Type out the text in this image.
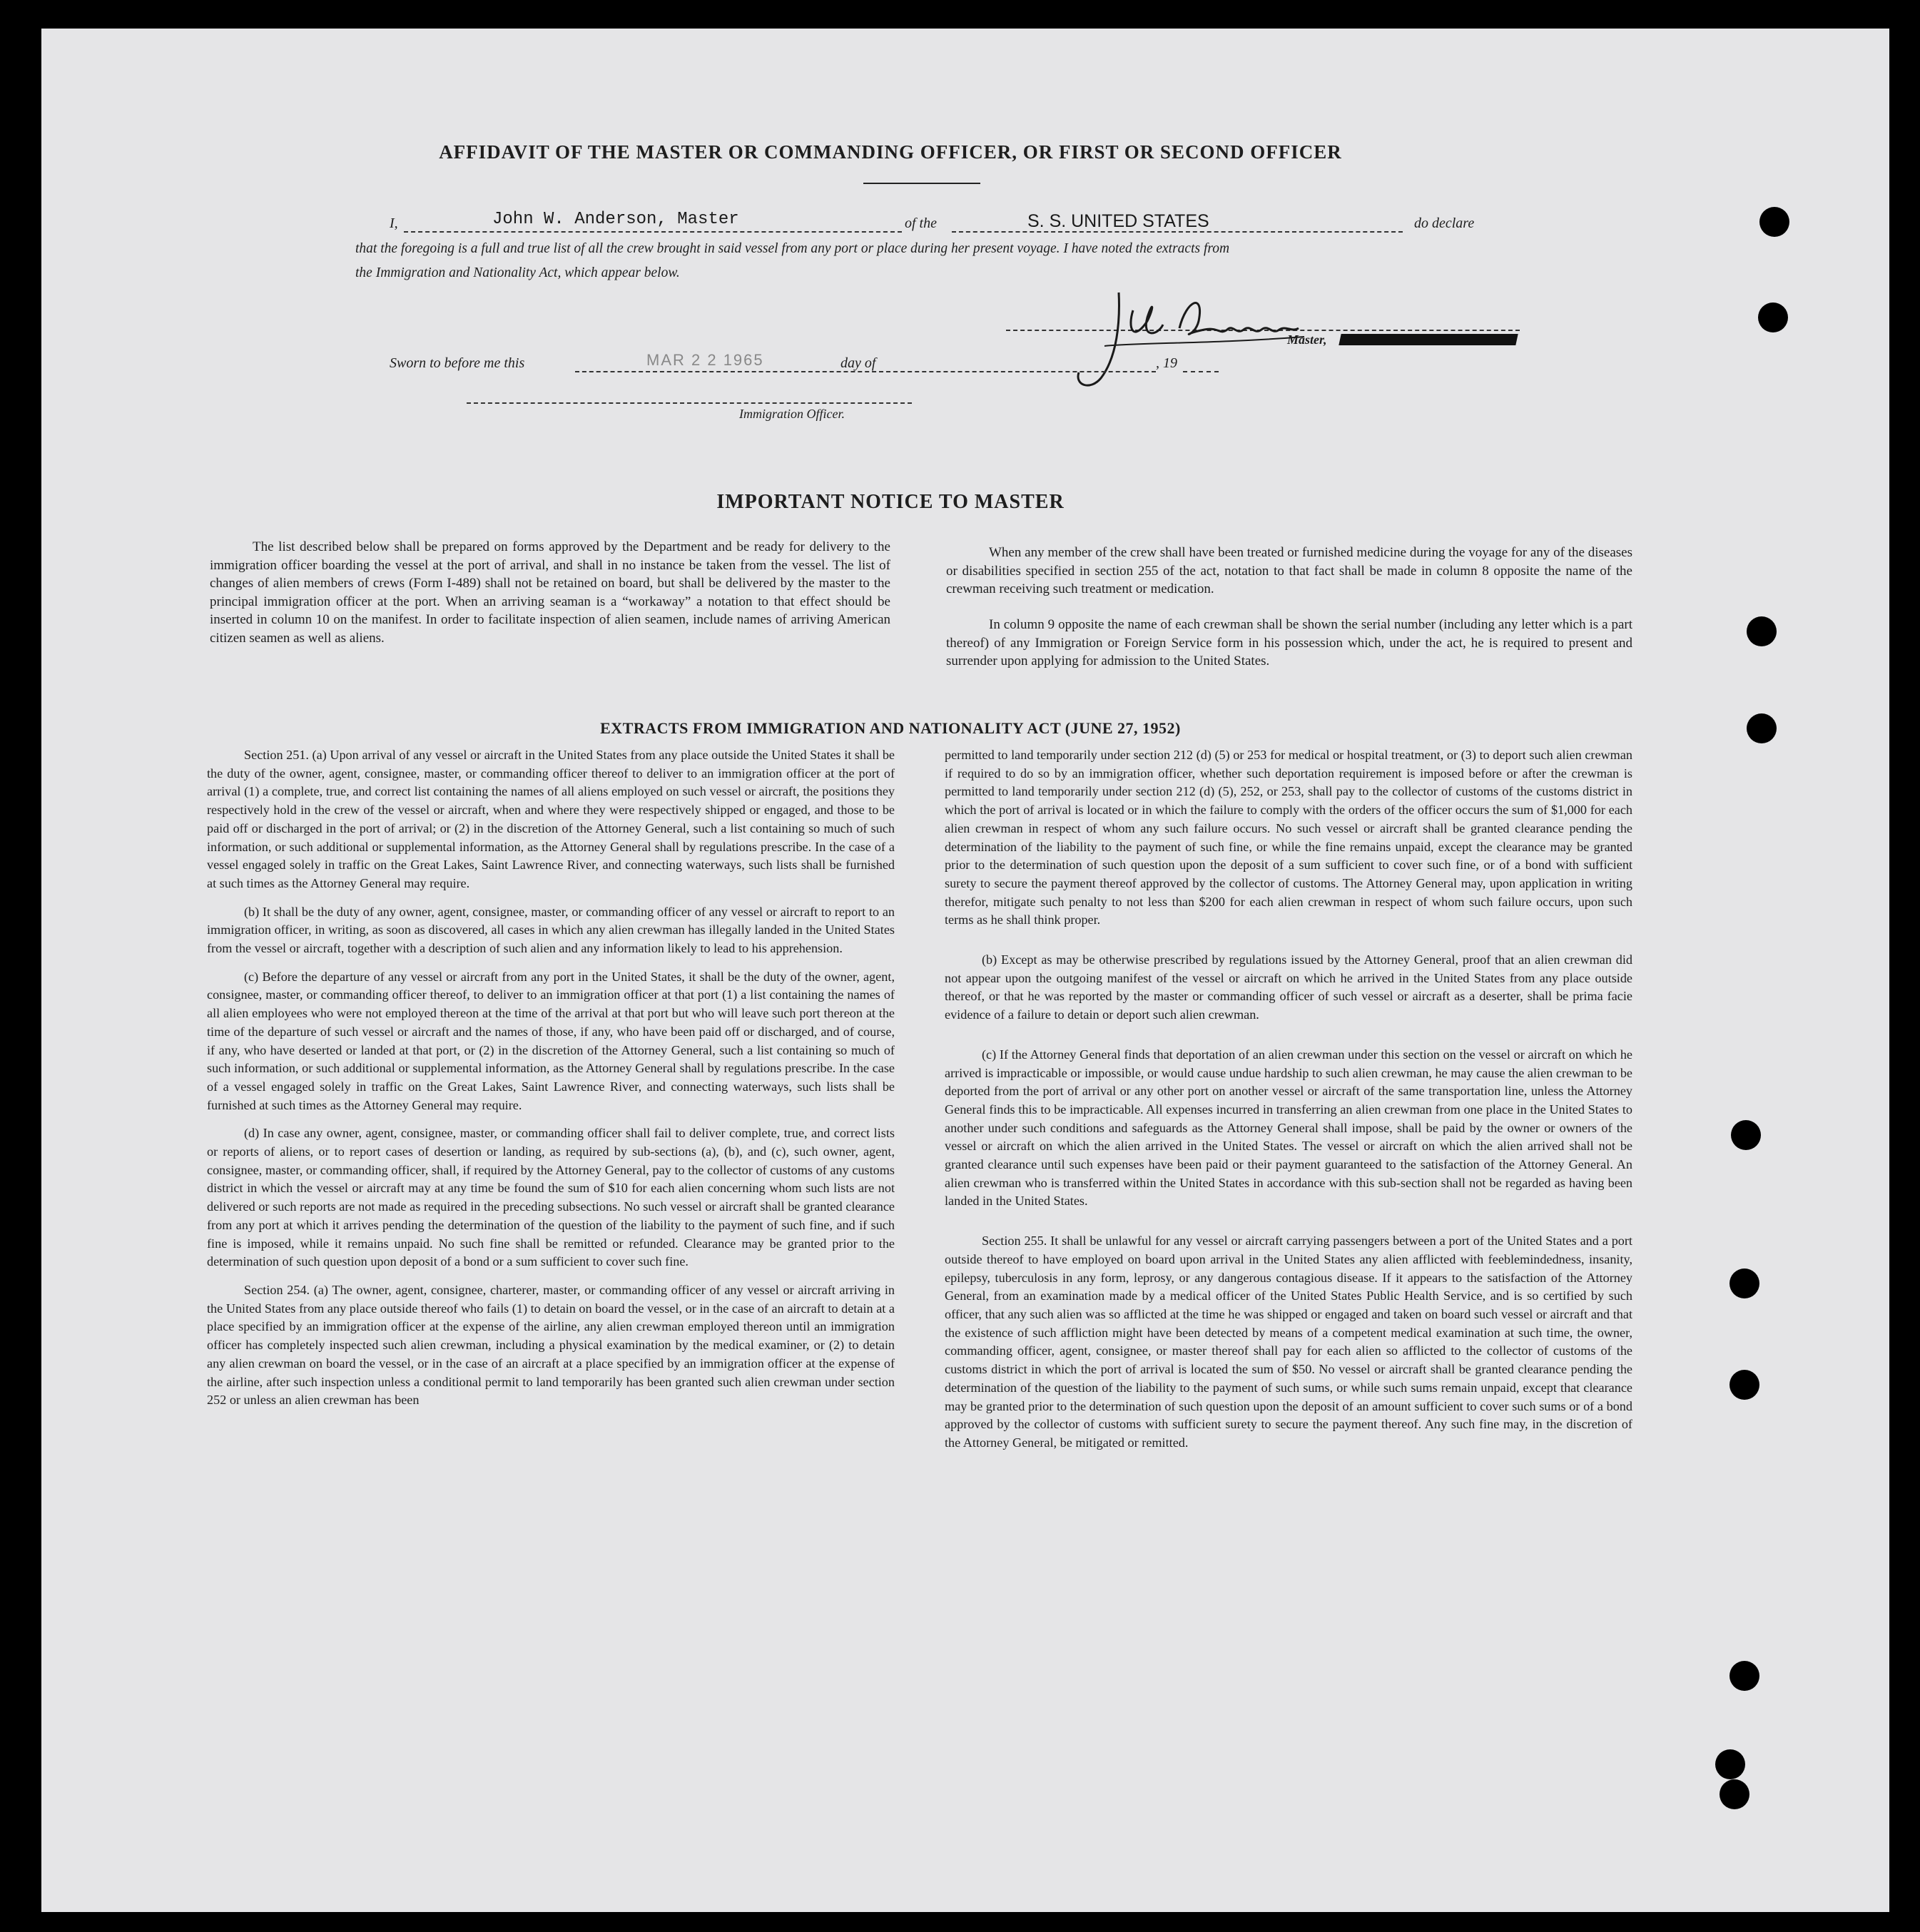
AFFIDAVIT OF THE MASTER OR COMMANDING OFFICER, OR FIRST OR SECOND OFFICER
I,	John W. Anderson, Master	of the	S. S. UNITED STATES	do declare
that the foregoing is a full and true list of all the crew brought in said vessel from any port or place during her present voyage. I have noted the extracts from
the Immigration and Nationality Act, which appear below.
Master,
Sworn to before me this	MAR 2 2 1965	day of	, 19
Immigration Officer.
IMPORTANT NOTICE TO MASTER

The list described below shall be prepared on forms approved by the Department and be ready for delivery to the immigration officer boarding the vessel at the port of arrival, and shall in no instance be taken from the vessel. The list of changes of alien members of crews (Form I-489) shall not be retained on board, but shall be delivered by the master to the principal immigration officer at the port. When an arriving seaman is a “workaway” a notation to that effect should be inserted in column 10 on the manifest. In order to facilitate inspection of alien seamen, include names of arriving American citizen seamen as well as aliens.

When any member of the crew shall have been treated or furnished medicine during the voyage for any of the diseases or disabilities specified in section 255 of the act, notation to that fact shall be made in column 8 opposite the name of the crewman receiving such treatment or medication.

In column 9 opposite the name of each crewman shall be shown the serial number (including any letter which is a part thereof) of any Immigration or Foreign Service form in his possession which, under the act, he is required to present and surrender upon applying for admission to the United States.

EXTRACTS FROM IMMIGRATION AND NATIONALITY ACT (JUNE 27, 1952)

Section 251. (a) Upon arrival of any vessel or aircraft in the United States from any place outside the United States it shall be the duty of the owner, agent, consignee, master, or commanding officer thereof to deliver to an immigration officer at the port of arrival (1) a complete, true, and correct list containing the names of all aliens employed on such vessel or aircraft, the positions they respectively hold in the crew of the vessel or aircraft, when and where they were respectively shipped or engaged, and those to be paid off or discharged in the port of arrival; or (2) in the discretion of the Attorney General, such a list containing so much of such information, or such additional or supplemental information, as the Attorney General shall by regulations prescribe. In the case of a vessel engaged solely in traffic on the Great Lakes, Saint Lawrence River, and connecting waterways, such lists shall be furnished at such times as the Attorney General may require.

(b) It shall be the duty of any owner, agent, consignee, master, or commanding officer of any vessel or aircraft to report to an immigration officer, in writing, as soon as discovered, all cases in which any alien crewman has illegally landed in the United States from the vessel or aircraft, together with a description of such alien and any information likely to lead to his apprehension.

(c) Before the departure of any vessel or aircraft from any port in the United States, it shall be the duty of the owner, agent, consignee, master, or commanding officer thereof, to deliver to an immigration officer at that port (1) a list containing the names of all alien employees who were not employed thereon at the time of the arrival at that port but who will leave such port thereon at the time of the departure of such vessel or aircraft and the names of those, if any, who have been paid off or discharged, and of course, if any, who have deserted or landed at that port, or (2) in the discretion of the Attorney General, such a list containing so much of such information, or such additional or supplemental information, as the Attorney General shall by regulations prescribe. In the case of a vessel engaged solely in traffic on the Great Lakes, Saint Lawrence River, and connecting waterways, such lists shall be furnished at such times as the Attorney General may require.

(d) In case any owner, agent, consignee, master, or commanding officer shall fail to deliver complete, true, and correct lists or reports of aliens, or to report cases of desertion or landing, as required by sub-sections (a), (b), and (c), such owner, agent, consignee, master, or commanding officer, shall, if required by the Attorney General, pay to the collector of customs of any customs district in which the vessel or aircraft may at any time be found the sum of $10 for each alien concerning whom such lists are not delivered or such reports are not made as required in the preceding subsections. No such vessel or aircraft shall be granted clearance from any port at which it arrives pending the determination of the question of the liability to the payment of such fine, and if such fine is imposed, while it remains unpaid. No such fine shall be remitted or refunded. Clearance may be granted prior to the determination of such question upon deposit of a bond or a sum sufficient to cover such fine.

Section 254. (a) The owner, agent, consignee, charterer, master, or commanding officer of any vessel or aircraft arriving in the United States from any place outside thereof who fails (1) to detain on board the vessel, or in the case of an aircraft to detain at a place specified by an immigration officer at the expense of the airline, any alien crewman employed thereon until an immigration officer has completely inspected such alien crewman, including a physical examination by the medical examiner, or (2) to detain any alien crewman on board the vessel, or in the case of an aircraft at a place specified by an immigration officer at the expense of the airline, after such inspection unless a conditional permit to land temporarily has been granted such alien crewman under section 252 or unless an alien crewman has been

permitted to land temporarily under section 212 (d) (5) or 253 for medical or hospital treatment, or (3) to deport such alien crewman if required to do so by an immigration officer, whether such deportation requirement is imposed before or after the crewman is permitted to land temporarily under section 212 (d) (5), 252, or 253, shall pay to the collector of customs of the customs district in which the port of arrival is located or in which the failure to comply with the orders of the officer occurs the sum of $1,000 for each alien crewman in respect of whom any such failure occurs. No such vessel or aircraft shall be granted clearance pending the determination of the liability to the payment of such fine, or while the fine remains unpaid, except the clearance may be granted prior to the determination of such question upon the deposit of a sum sufficient to cover such fine, or of a bond with sufficient surety to secure the payment thereof approved by the collector of customs. The Attorney General may, upon application in writing therefor, mitigate such penalty to not less than $200 for each alien crewman in respect of whom such failure occurs, upon such terms as he shall think proper.

(b) Except as may be otherwise prescribed by regulations issued by the Attorney General, proof that an alien crewman did not appear upon the outgoing manifest of the vessel or aircraft on which he arrived in the United States from any place outside thereof, or that he was reported by the master or commanding officer of such vessel or aircraft as a deserter, shall be prima facie evidence of a failure to detain or deport such alien crewman.

(c) If the Attorney General finds that deportation of an alien crewman under this section on the vessel or aircraft on which he arrived is impracticable or impossible, or would cause undue hardship to such alien crewman, he may cause the alien crewman to be deported from the port of arrival or any other port on another vessel or aircraft of the same transportation line, unless the Attorney General finds this to be impracticable. All expenses incurred in transferring an alien crewman from one place in the United States to another under such conditions and safeguards as the Attorney General shall impose, shall be paid by the owner or owners of the vessel or aircraft on which the alien arrived in the United States. The vessel or aircraft on which the alien arrived shall not be granted clearance until such expenses have been paid or their payment guaranteed to the satisfaction of the Attorney General. An alien crewman who is transferred within the United States in accordance with this sub-section shall not be regarded as having been landed in the United States.

Section 255. It shall be unlawful for any vessel or aircraft carrying passengers between a port of the United States and a port outside thereof to have employed on board upon arrival in the United States any alien afflicted with feeblemindedness, insanity, epilepsy, tuberculosis in any form, leprosy, or any dangerous contagious disease. If it appears to the satisfaction of the Attorney General, from an examination made by a medical officer of the United States Public Health Service, and is so certified by such officer, that any such alien was so afflicted at the time he was shipped or engaged and taken on board such vessel or aircraft and that the existence of such affliction might have been detected by means of a competent medical examination at such time, the owner, commanding officer, agent, consignee, or master thereof shall pay for each alien so afflicted to the collector of customs of the customs district in which the port of arrival is located the sum of $50. No vessel or aircraft shall be granted clearance pending the determination of the question of the liability to the payment of such sums, or while such sums remain unpaid, except that clearance may be granted prior to the determination of such question upon the deposit of an amount sufficient to cover such sums or of a bond approved by the collector of customs with sufficient surety to secure the payment thereof. Any such fine may, in the discretion of the Attorney General, be mitigated or remitted.
